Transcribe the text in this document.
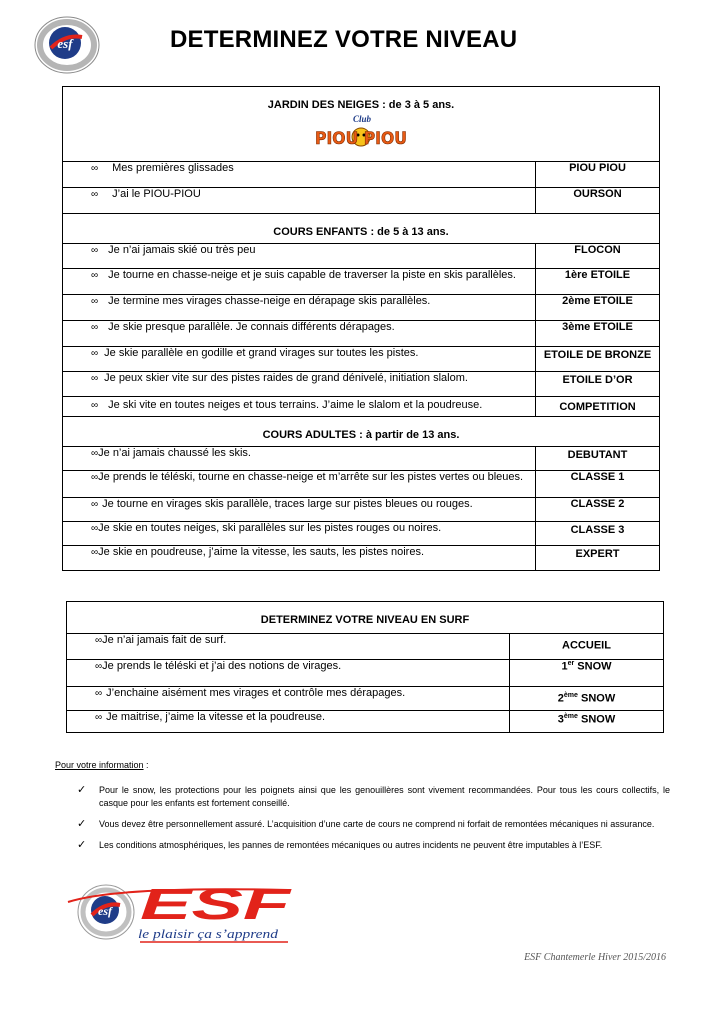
esf	DETERMINEZ VOTRE NIVEAU
JARDIN DES NEIGES : de 3 à 5 ans.
Club
PIOU PIOU	

∞ Mes premières glissades	PIOU PIOU
∞ J’ai le PIOU-PIOU	OURSON
COURS ENFANTS : de 5 à 13 ans.	
∞ Je n’ai jamais skié ou très peu	FLOCON
∞ Je tourne en chasse-neige et je suis capable de traverser la piste en skis parallèles.	1ère ETOILE
∞ Je termine mes virages chasse-neige en dérapage skis parallèles.	2ème ETOILE
∞ Je skie presque parallèle. Je connais différents dérapages.	3ème ETOILE
∞ Je skie parallèle en godille et grand virages sur toutes les pistes.	ETOILE DE BRONZE
∞ Je peux skier vite sur des pistes raides de grand dénivelé, initiation slalom.	ETOILE D’OR
∞ Je ski vite en toutes neiges et tous terrains. J’aime le slalom et la poudreuse.	COMPETITION
COURS ADULTES : à partir de 13 ans.	
∞Je n’ai jamais chaussé les skis.	DEBUTANT
∞Je prends le téléski, tourne en chasse-neige et m’arrête sur les pistes vertes ou bleues.	CLASSE 1
∞ Je tourne en virages skis parallèle, traces large sur pistes bleues ou rouges.	CLASSE 2
∞Je skie en toutes neiges, ski parallèles sur les pistes rouges ou noires.	CLASSE 3
∞Je skie en poudreuse, j’aime la vitesse, les sauts, les pistes noires.	EXPERT
DETERMINEZ VOTRE NIVEAU EN SURF	
∞Je n’ai jamais fait de surf.	ACCUEIL
∞Je prends le téléski et j’ai des notions de virages.	1er SNOW
∞ J’enchaine aisément mes virages et contrôle mes dérapages.	2ème SNOW
∞ Je maitrise, j’aime la vitesse et la poudreuse.	3ème SNOW
Pour votre information :
✓ Pour le snow, les protections pour les poignets ainsi que les genouillères sont vivement recommandées. Pour tous les cours collectifs, le casque pour les enfants est fortement conseillé.
✓ Vous devez être personnellement assuré. L’acquisition d’une carte de cours ne comprend ni forfait de remontées mécaniques ni assurance.
✓ Les conditions atmosphériques, les pannes de remontées mécaniques ou autres incidents ne peuvent être imputables à l’ESF.
esf ESF
le plaisir ça s’apprend
ESF Chantemerle Hiver 2015/2016
